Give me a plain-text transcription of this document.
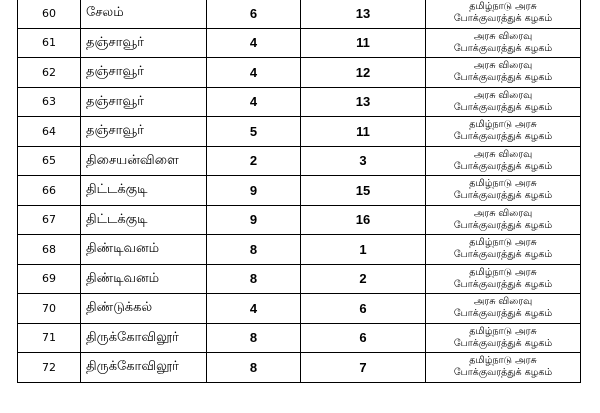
60	சேலம்	6	13	தமிழ்நாடு அரசு
போக்குவரத்துக் கழகம்

61	தஞ்சாவூர்	4	11	அரசு விரைவு
போக்குவரத்துக் கழகம்

62	தஞ்சாவூர்	4	12	அரசு விரைவு
போக்குவரத்துக் கழகம்

63	தஞ்சாவூர்	4	13	அரசு விரைவு
போக்குவரத்துக் கழகம்

64	தஞ்சாவூர்	5	11	தமிழ்நாடு அரசு
போக்குவரத்துக் கழகம்

65	திசையன்விளை	2	3	அரசு விரைவு
போக்குவரத்துக் கழகம்

66	திட்டக்குடி	9	15	தமிழ்நாடு அரசு
போக்குவரத்துக் கழகம்

67	திட்டக்குடி	9	16	அரசு விரைவு
போக்குவரத்துக் கழகம்

68	திண்டிவனம்	8	1	தமிழ்நாடு அரசு
போக்குவரத்துக் கழகம்

69	திண்டிவனம்	8	2	தமிழ்நாடு அரசு
போக்குவரத்துக் கழகம்

70	திண்டுக்கல்	4	6	அரசு விரைவு
போக்குவரத்துக் கழகம்

71	திருக்கோவிலூர்	8	6	தமிழ்நாடு அரசு
போக்குவரத்துக் கழகம்

72	திருக்கோவிலூர்	8	7	தமிழ்நாடு அரசு
போக்குவரத்துக் கழகம்
